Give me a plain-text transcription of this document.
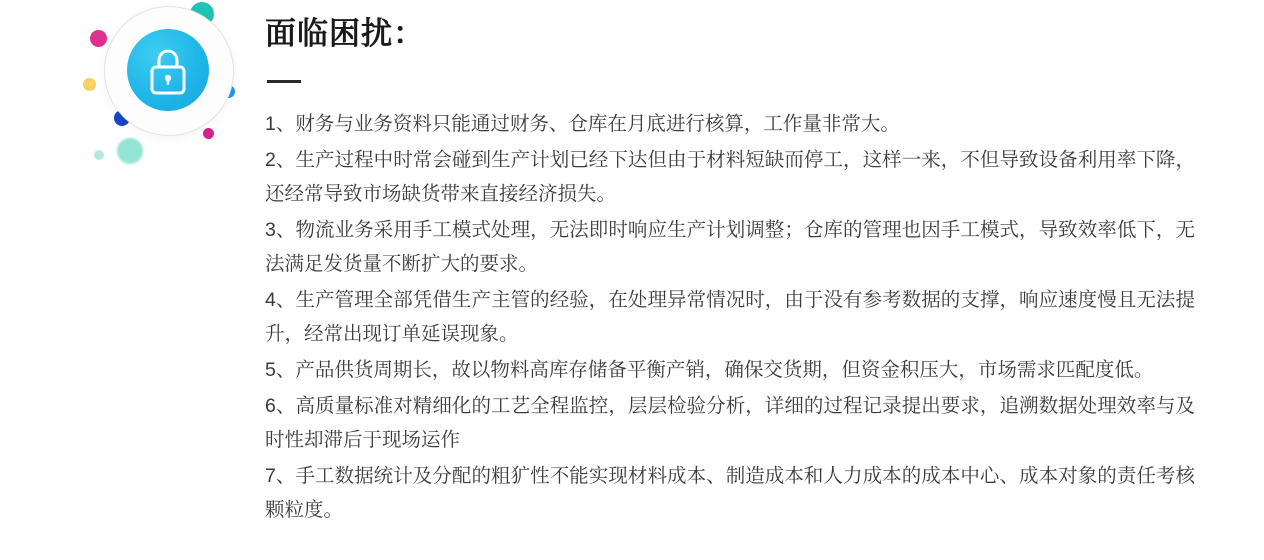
面临困扰：
1、财务与业务资料只能通过财务、仓库在月底进行核算，工作量非常大。
2、生产过程中时常会碰到生产计划已经下达但由于材料短缺而停工，这样一来，不但导致设备利用率下降，还经常导致市场缺货带来直接经济损失。
3、物流业务采用手工模式处理，无法即时响应生产计划调整；仓库的管理也因手工模式，导致效率低下，无法满足发货量不断扩大的要求。
4、生产管理全部凭借生产主管的经验，在处理异常情况时，由于没有参考数据的支撑，响应速度慢且无法提升，经常出现订单延误现象。
5、产品供货周期长，故以物料高库存储备平衡产销，确保交货期，但资金积压大，市场需求匹配度低。
6、高质量标准对精细化的工艺全程监控，层层检验分析，详细的过程记录提出要求，追溯数据处理效率与及时性却滞后于现场运作
7、手工数据统计及分配的粗犷性不能实现材料成本、制造成本和人力成本的成本中心、成本对象的责任考核颗粒度。
